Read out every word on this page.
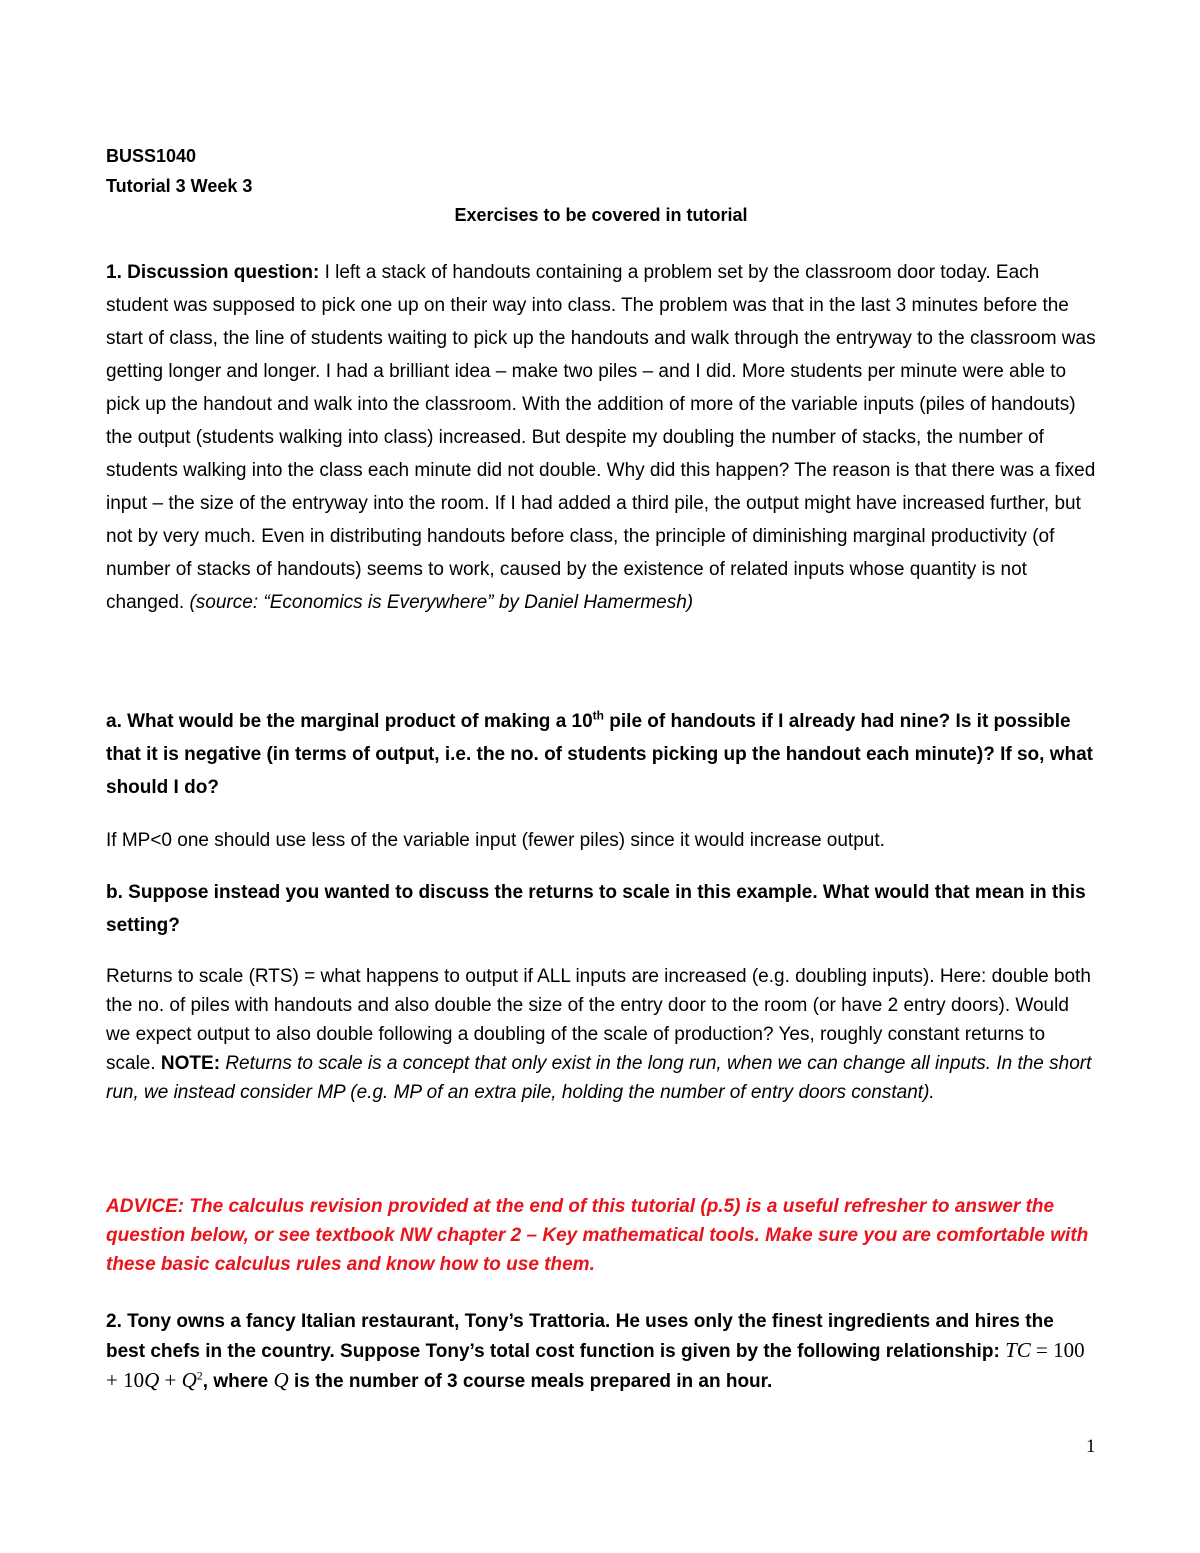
BUSS1040
Tutorial 3 Week 3
Exercises to be covered in tutorial

1. Discussion question: I left a stack of handouts containing a problem set by the classroom door today. Each student was supposed to pick one up on their way into class. The problem was that in the last 3 minutes before the start of class, the line of students waiting to pick up the handouts and walk through the entryway to the classroom was getting longer and longer. I had a brilliant idea – make two piles – and I did. More students per minute were able to pick up the handout and walk into the classroom. With the addition of more of the variable inputs (piles of handouts) the output (students walking into class) increased. But despite my doubling the number of stacks, the number of students walking into the class each minute did not double. Why did this happen? The reason is that there was a fixed input – the size of the entryway into the room. If I had added a third pile, the output might have increased further, but not by very much. Even in distributing handouts before class, the principle of diminishing marginal productivity (of number of stacks of handouts) seems to work, caused by the existence of related inputs whose quantity is not changed. (source: “Economics is Everywhere” by Daniel Hamermesh)

a. What would be the marginal product of making a 10th pile of handouts if I already had nine? Is it possible that it is negative (in terms of output, i.e. the no. of students picking up the handout each minute)? If so, what should I do?

If MP<0 one should use less of the variable input (fewer piles) since it would increase output.

b. Suppose instead you wanted to discuss the returns to scale in this example. What would that mean in this setting?

Returns to scale (RTS) = what happens to output if ALL inputs are increased (e.g. doubling inputs). Here: double both the no. of piles with handouts and also double the size of the entry door to the room (or have 2 entry doors). Would we expect output to also double following a doubling of the scale of production? Yes, roughly constant returns to scale. NOTE: Returns to scale is a concept that only exist in the long run, when we can change all inputs. In the short run, we instead consider MP (e.g. MP of an extra pile, holding the number of entry doors constant).

ADVICE: The calculus revision provided at the end of this tutorial (p.5) is a useful refresher to answer the question below, or see textbook NW chapter 2 – Key mathematical tools. Make sure you are comfortable with these basic calculus rules and know how to use them.

2. Tony owns a fancy Italian restaurant, Tony’s Trattoria. He uses only the finest ingredients and hires the best chefs in the country. Suppose Tony’s total cost function is given by the following relationship: TC = $100 + 10Q + Q^2$, where Q is the number of 3 course meals prepared in an hour.

1
